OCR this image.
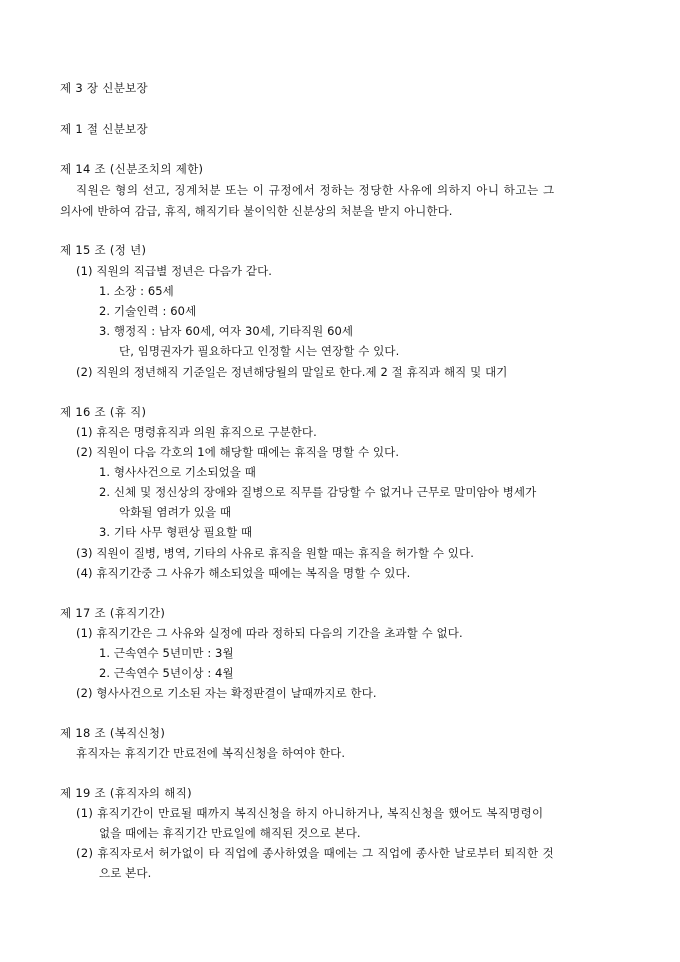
제 3 장 신분보장
제 1 절 신분보장
제 14 조 (신분조치의 제한)
직원은 형의 선고, 징계처분 또는 이 규정에서 정하는 정당한 사유에 의하지 아니 하고는 그
의사에 반하여 감급, 휴직, 해직기타 불이익한 신분상의 처분을 받지 아니한다.
제 15 조 (정 년)
(1) 직원의 직급별 정년은 다음가 같다.
1. 소장 : 65세
2. 기술인력 : 60세
3. 행정직 : 남자 60세, 여자 30세, 기타직원 60세
단, 임명권자가 필요하다고 인정할 시는 연장할 수 있다.
(2) 직원의 정년해직 기준일은 정년해당월의 말일로 한다.제 2 절 휴직과 해직 및 대기
제 16 조 (휴 직)
(1) 휴직은 명령휴직과 의원 휴직으로 구분한다.
(2) 직원이 다음 각호의 1에 해당할 때에는 휴직을 명할 수 있다.
1. 형사사건으로 기소되었을 때
2. 신체 및 정신상의 장애와 질병으로 직무를 감당할 수 없거나 근무로 말미암아 병세가
악화될 염려가 있을 때
3. 기타 사무 형편상 필요할 때
(3) 직원이 질병, 병역, 기타의 사유로 휴직을 원할 때는 휴직을 허가할 수 있다.
(4) 휴직기간중 그 사유가 해소되었을 때에는 복직을 명할 수 있다.
제 17 조 (휴직기간)
(1) 휴직기간은 그 사유와 실정에 따라 정하되 다음의 기간을 초과할 수 없다.
1. 근속연수 5년미만 : 3월
2. 근속연수 5년이상 : 4월
(2) 형사사건으로 기소된 자는 확정판결이 날때까지로 한다.
제 18 조 (복직신청)
휴직자는 휴직기간 만료전에 복직신청을 하여야 한다.
제 19 조 (휴직자의 해직)
(1) 휴직기간이 만료될 때까지 복직신청을 하지 아니하거나, 복직신청을 했어도 복직명령이
없을 때에는 휴직기간 만료일에 해직된 것으로 본다.
(2) 휴직자로서 허가없이 타 직업에 종사하였을 때에는 그 직업에 종사한 날로부터 퇴직한 것
으로 본다.
